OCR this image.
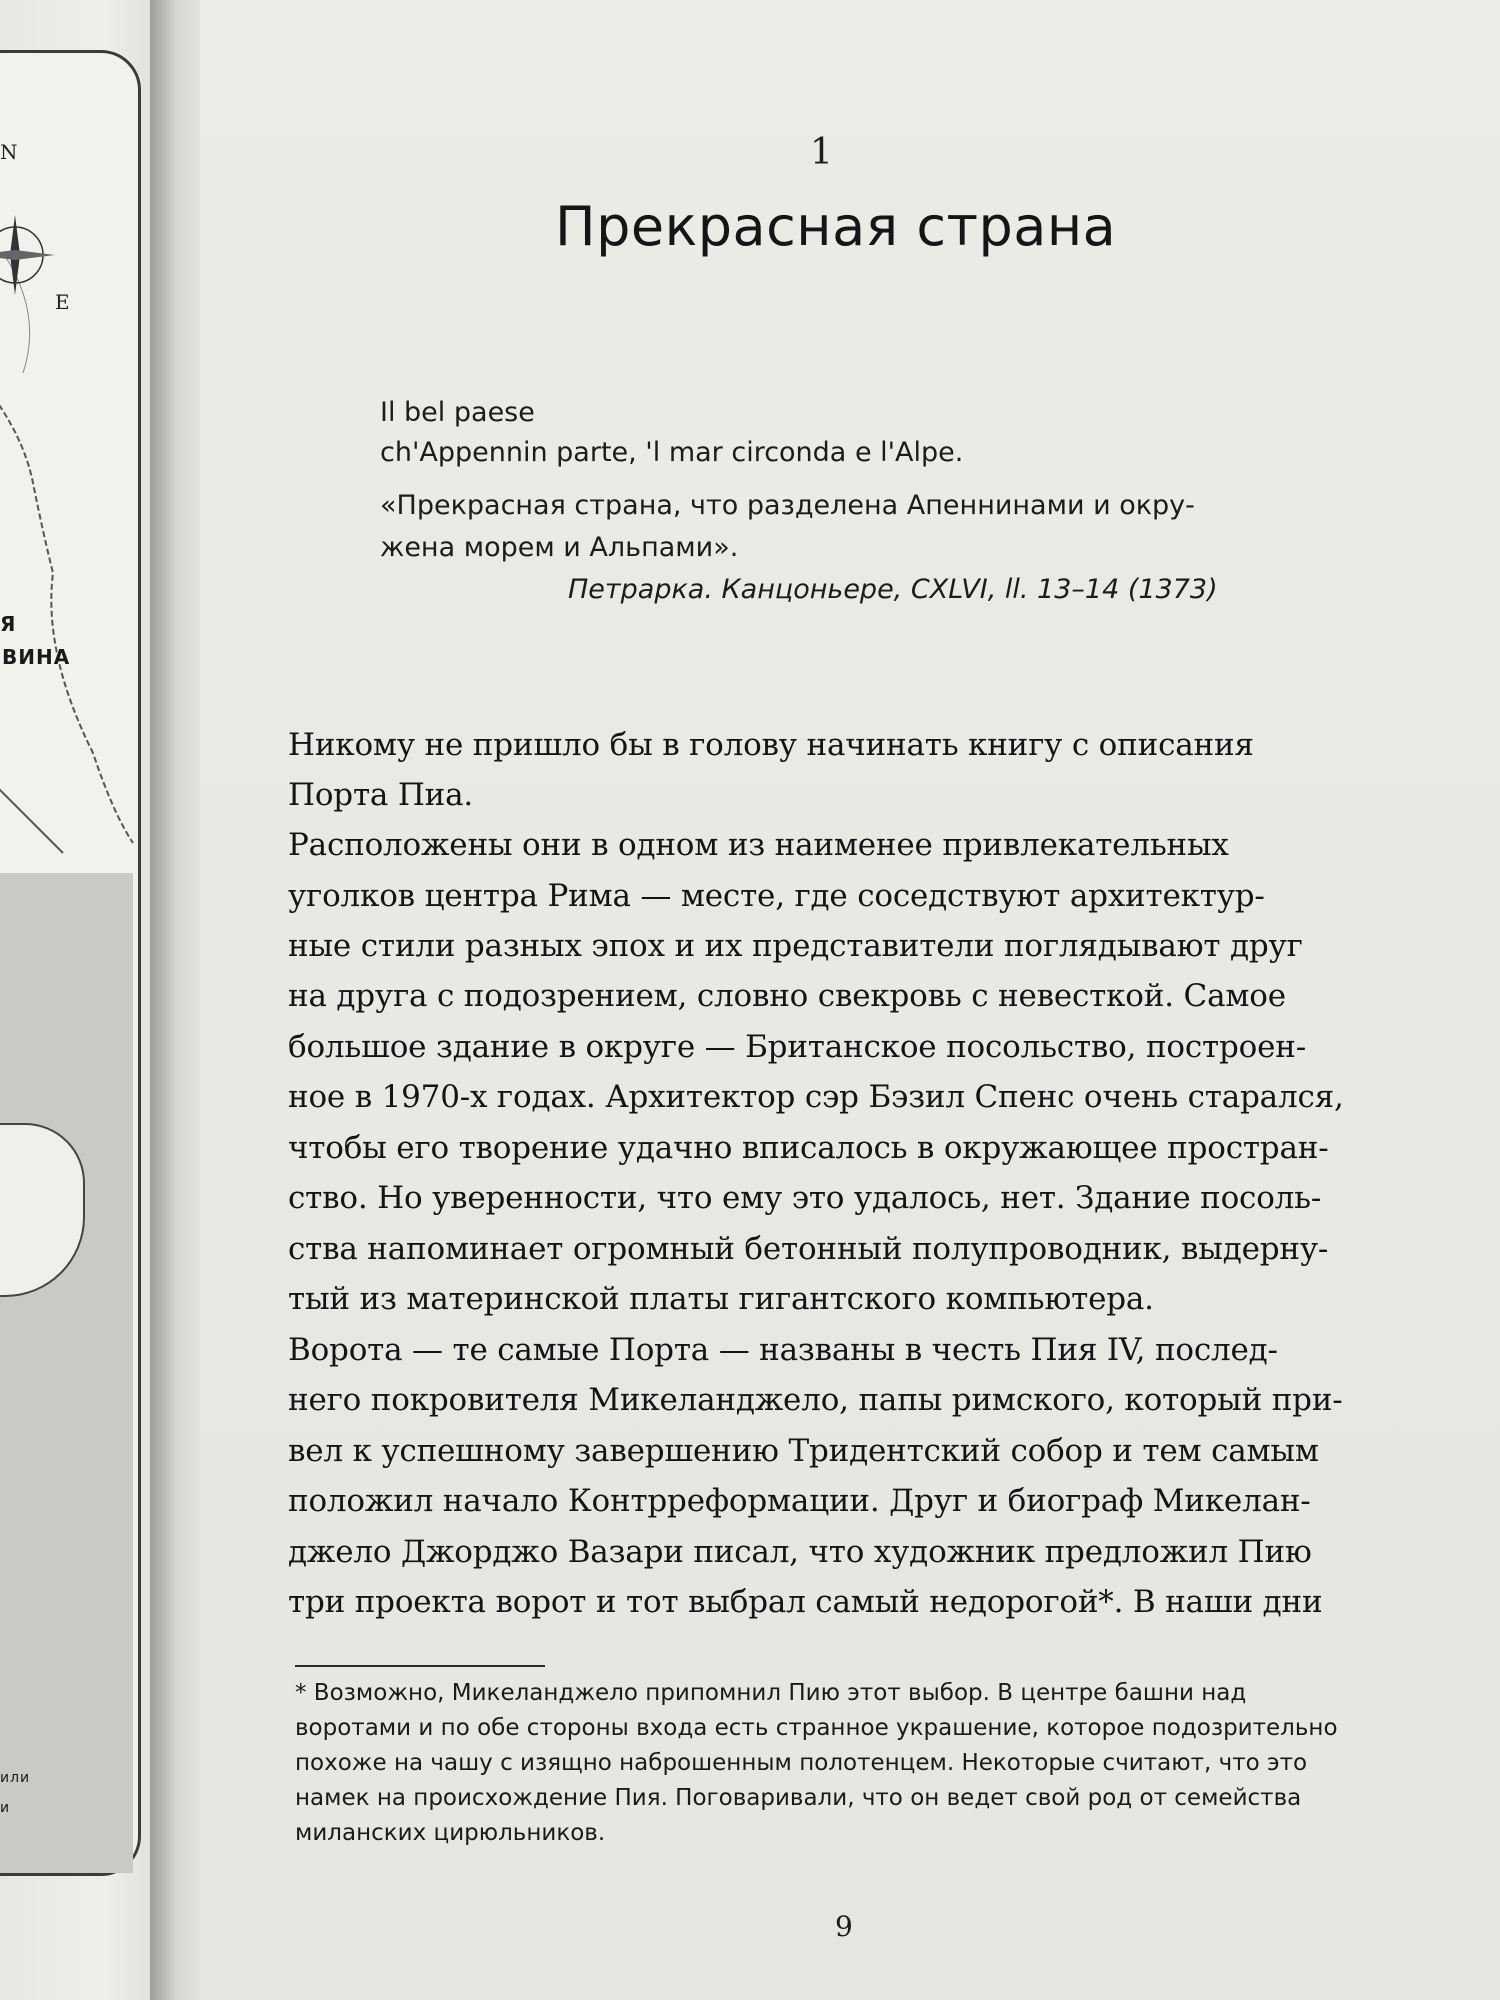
N
E
Я
ВИНА
или
и
1
Прекрасная страна
Il bel paese
ch'Appennin parte, 'l mar circonda e l'Alpe.
«Прекрасная страна, что разделена Апеннинами и окру-
жена морем и Альпами».
Петрарка. Канцоньере, CXLVI, ll. 13–14 (1373)
Никому не пришло бы в голову начинать книгу с описания
Порта Пиа.
Расположены они в одном из наименее привлекательных
уголков центра Рима — месте, где соседствуют архитектур-
ные стили разных эпох и их представители поглядывают друг
на друга с подозрением, словно свекровь с невесткой. Самое
большое здание в округе — Британское посольство, построен-
ное в 1970-х годах. Архитектор сэр Бэзил Спенс очень старался,
чтобы его творение удачно вписалось в окружающее простран-
ство. Но уверенности, что ему это удалось, нет. Здание посоль-
ства напоминает огромный бетонный полупроводник, выдерну-
тый из материнской платы гигантского компьютера.
Ворота — те самые Порта — названы в честь Пия IV, послед-
него покровителя Микеланджело, папы римского, который при-
вел к успешному завершению Тридентский собор и тем самым
положил начало Контрреформации. Друг и биограф Микелан-
джело Джорджо Вазари писал, что художник предложил Пию
три проекта ворот и тот выбрал самый недорогой*. В наши дни
* Возможно, Микеланджело припомнил Пию этот выбор. В центре башни над
воротами и по обе стороны входа есть странное украшение, которое подозрительно
похоже на чашу с изящно наброшенным полотенцем. Некоторые считают, что это
намек на происхождение Пия. Поговаривали, что он ведет свой род от семейства
миланских цирюльников.
9
